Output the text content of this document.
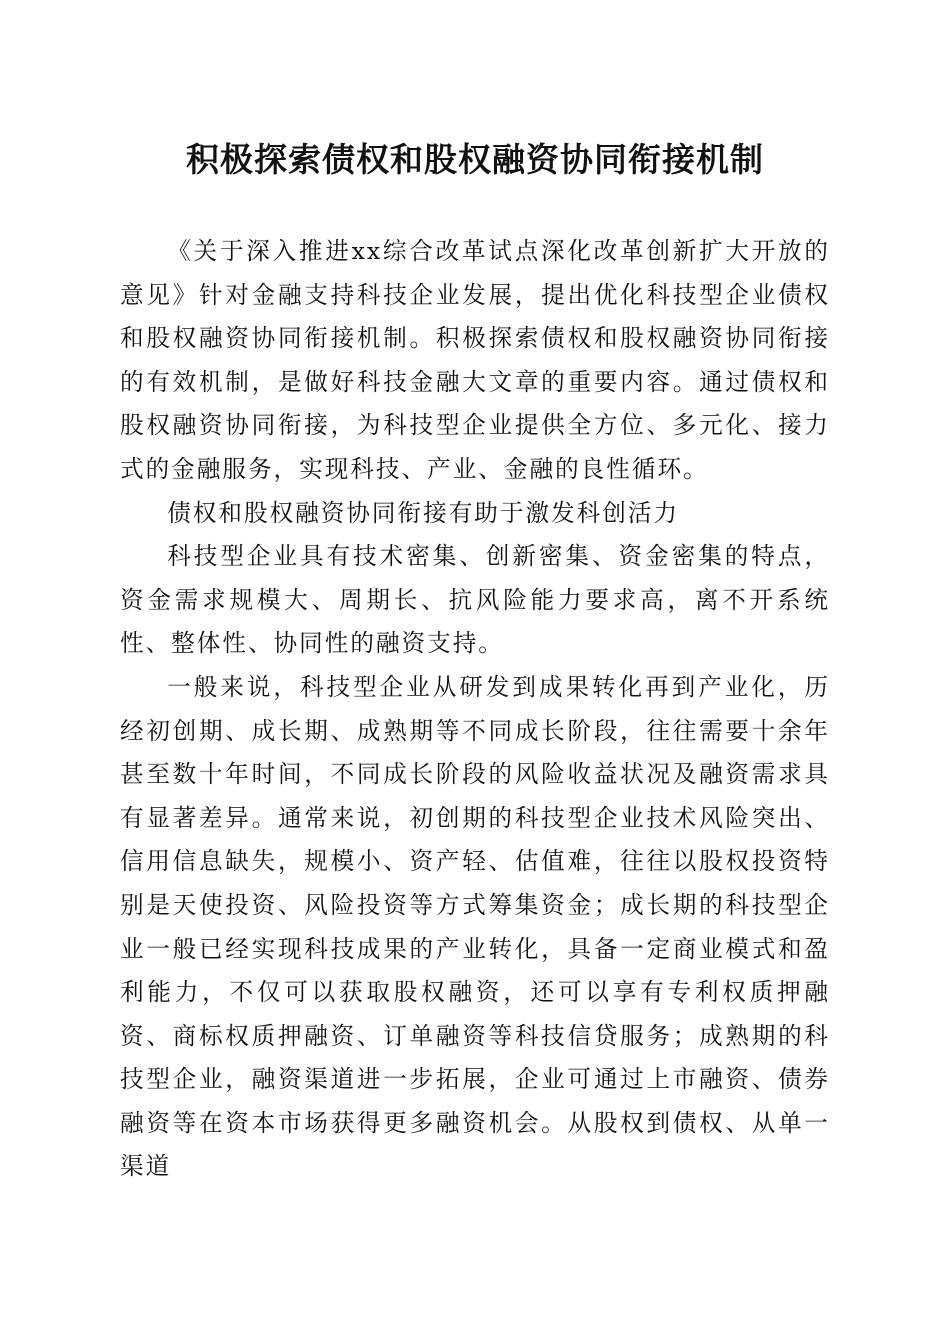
积极探索债权和股权融资协同衔接机制

《关于深入推进xx综合改革试点深化改革创新扩大开放的意见》针对金融支持科技企业发展，提出优化科技型企业债权和股权融资协同衔接机制。积极探索债权和股权融资协同衔接的有效机制，是做好科技金融大文章的重要内容。通过债权和股权融资协同衔接，为科技型企业提供全方位、多元化、接力式的金融服务，实现科技、产业、金融的良性循环。

债权和股权融资协同衔接有助于激发科创活力

科技型企业具有技术密集、创新密集、资金密集的特点，资金需求规模大、周期长、抗风险能力要求高，离不开系统性、整体性、协同性的融资支持。

一般来说，科技型企业从研发到成果转化再到产业化，历经初创期、成长期、成熟期等不同成长阶段，往往需要十余年甚至数十年时间，不同成长阶段的风险收益状况及融资需求具有显著差异。通常来说，初创期的科技型企业技术风险突出、信用信息缺失，规模小、资产轻、估值难，往往以股权投资特别是天使投资、风险投资等方式筹集资金；成长期的科技型企业一般已经实现科技成果的产业转化，具备一定商业模式和盈利能力，不仅可以获取股权融资，还可以享有专利权质押融资、商标权质押融资、订单融资等科技信贷服务；成熟期的科技型企业，融资渠道进一步拓展，企业可通过上市融资、债券融资等在资本市场获得更多融资机会。从股权到债权、从单一渠道
